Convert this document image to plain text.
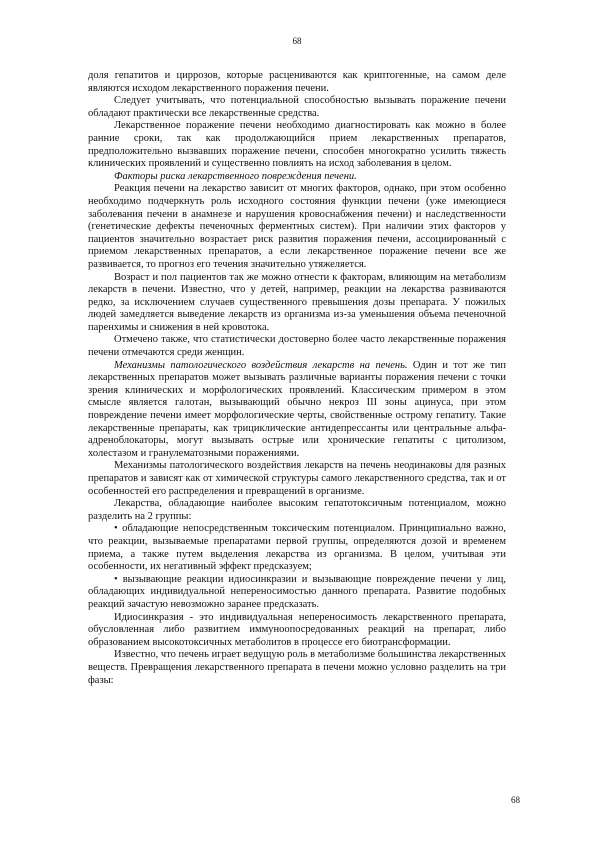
68

доля гепатитов и циррозов, которые расцениваются как криптогенные, на самом деле являются исходом лекарственного поражения печени.

Следует учитывать, что потенциальной способностью вызывать поражение печени обладают практически все лекарственные средства.

Лекарственное поражение печени необходимо диагностировать как можно в более ранние сроки, так как продолжающийся прием лекарственных препаратов, предположительно вызвавших поражение печени, способен многократно усилить тяжесть клинических проявлений и существенно повлиять на исход заболевания в целом.

Факторы риска лекарственного повреждения печени.

Реакция печени на лекарство зависит от многих факторов, однако, при этом особенно необходимо подчеркнуть роль исходного состояния функции печени (уже имеющиеся заболевания печени в анамнезе и нарушения кровоснабжения печени) и наследственности (генетические дефекты печеночных ферментных систем). При наличии этих факторов у пациентов значительно возрастает риск развития поражения печени, ассоциированный с приемом лекарственных препаратов, а если лекарственное поражение печени все же развивается, то прогноз его течения значительно утяжеляется.

Возраст и пол пациентов так же можно отнести к факторам, влияющим на метаболизм лекарств в печени. Известно, что у детей, например, реакции на лекарства развиваются редко, за исключением случаев существенного превышения дозы препарата. У пожилых людей замедляется выведение лекарств из организма из-за уменьшения объема печеночной паренхимы и снижения в ней кровотока.

Отмечено также, что статистически достоверно более часто лекарственные поражения печени отмечаются среди женщин.

Механизмы патологического воздействия лекарств на печень. Один и тот же тип лекарственных препаратов может вызывать различные варианты поражения печени с точки зрения клинических и морфологических проявлений. Классическим примером в этом смысле является галотан, вызывающий обычно некроз III зоны ацинуса, при этом повреждение печени имеет морфологические черты, свойственные острому гепатиту. Такие лекарственные препараты, как трициклические антидепрессанты или центральные альфа-адреноблокаторы, могут вызывать острые или хронические гепатиты с цитолизом, холестазом и гранулематозными поражениями.

Механизмы патологического воздействия лекарств на печень неодинаковы для разных препаратов и зависят как от химической структуры самого лекарственного средства, так и от особенностей его распределения и превращений в организме.

Лекарства, обладающие наиболее высоким гепатотоксичным потенциалом, можно разделить на 2 группы:

• обладающие непосредственным токсическим потенциалом. Принципиально важно, что реакции, вызываемые препаратами первой группы, определяются дозой и временем приема, а также путем выделения лекарства из организма. В целом, учитывая эти особенности, их негативный эффект предсказуем;

• вызывающие реакции идиосинкразии и вызывающие повреждение печени у лиц, обладающих индивидуальной непереносимостью данного препарата. Развитие подобных реакций зачастую невозможно заранее предсказать.

Идиосинкразия - это индивидуальная непереносимость лекарственного препарата, обусловленная либо развитием иммуноопосредованных реакций на препарат, либо образованием высокотоксичных метаболитов в процессе его биотрансформации.

Известно, что печень играет ведущую роль в метаболизме большинства лекарственных веществ. Превращения лекарственного препарата в печени можно условно разделить на три фазы:

68
